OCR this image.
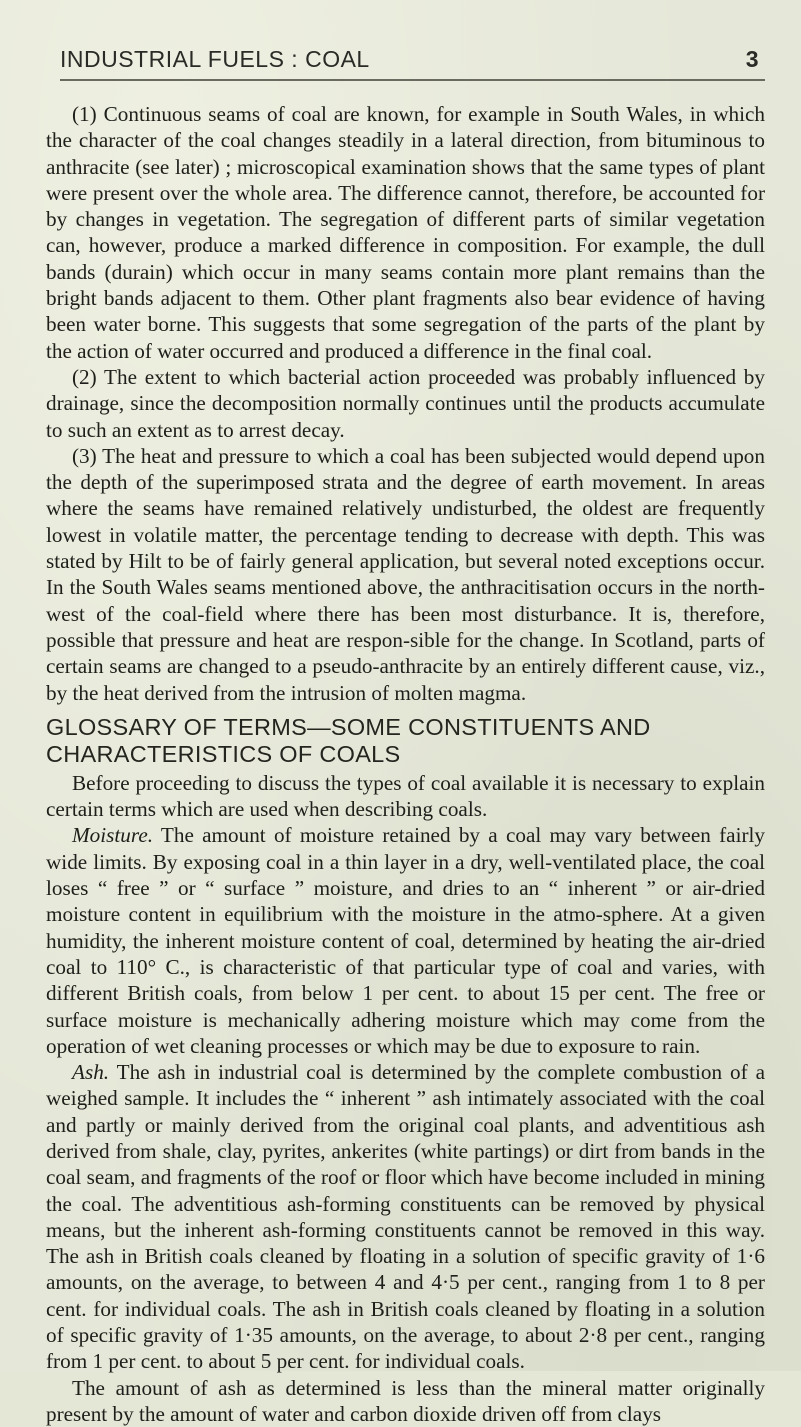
INDUSTRIAL FUELS : COAL	3

(1) Continuous seams of coal are known, for example in South Wales, in which the character of the coal changes steadily in a lateral direction, from bituminous to anthracite (see later) ; microscopical examination shows that the same types of plant were present over the whole area. The difference cannot, therefore, be accounted for by changes in vegetation. The segregation of different parts of similar vegetation can, however, produce a marked difference in composition. For example, the dull bands (durain) which occur in many seams contain more plant remains than the bright bands adjacent to them. Other plant fragments also bear evidence of having been water borne. This suggests that some segregation of the parts of the plant by the action of water occurred and produced a difference in the final coal.

(2) The extent to which bacterial action proceeded was probably influenced by drainage, since the decomposition normally continues until the products accumulate to such an extent as to arrest decay.

(3) The heat and pressure to which a coal has been subjected would depend upon the depth of the superimposed strata and the degree of earth movement. In areas where the seams have remained relatively undisturbed, the oldest are frequently lowest in volatile matter, the percentage tending to decrease with depth. This was stated by Hilt to be of fairly general application, but several noted exceptions occur. In the South Wales seams mentioned above, the anthracitisation occurs in the north-west of the coal-field where there has been most disturbance. It is, therefore, possible that pressure and heat are respon-sible for the change. In Scotland, parts of certain seams are changed to a pseudo-anthracite by an entirely different cause, viz., by the heat derived from the intrusion of molten magma.

GLOSSARY OF TERMS—SOME CONSTITUENTS AND CHARACTERISTICS OF COALS

Before proceeding to discuss the types of coal available it is necessary to explain certain terms which are used when describing coals.

Moisture. The amount of moisture retained by a coal may vary between fairly wide limits. By exposing coal in a thin layer in a dry, well-ventilated place, the coal loses “ free ” or “ surface ” moisture, and dries to an “ inherent ” or air-dried moisture content in equilibrium with the moisture in the atmo-sphere. At a given humidity, the inherent moisture content of coal, determined by heating the air-dried coal to 110° C., is characteristic of that particular type of coal and varies, with different British coals, from below 1 per cent. to about 15 per cent. The free or surface moisture is mechanically adhering moisture which may come from the operation of wet cleaning processes or which may be due to exposure to rain.

Ash. The ash in industrial coal is determined by the complete combustion of a weighed sample. It includes the “ inherent ” ash intimately associated with the coal and partly or mainly derived from the original coal plants, and adventitious ash derived from shale, clay, pyrites, ankerites (white partings) or dirt from bands in the coal seam, and fragments of the roof or floor which have become included in mining the coal. The adventitious ash-forming constituents can be removed by physical means, but the inherent ash-forming constituents cannot be removed in this way. The ash in British coals cleaned by floating in a solution of specific gravity of 1·6 amounts, on the average, to between 4 and 4·5 per cent., ranging from 1 to 8 per cent. for individual coals. The ash in British coals cleaned by floating in a solution of specific gravity of 1·35 amounts, on the average, to about 2·8 per cent., ranging from 1 per cent. to about 5 per cent. for individual coals.

The amount of ash as determined is less than the mineral matter originally present by the amount of water and carbon dioxide driven off from clays
